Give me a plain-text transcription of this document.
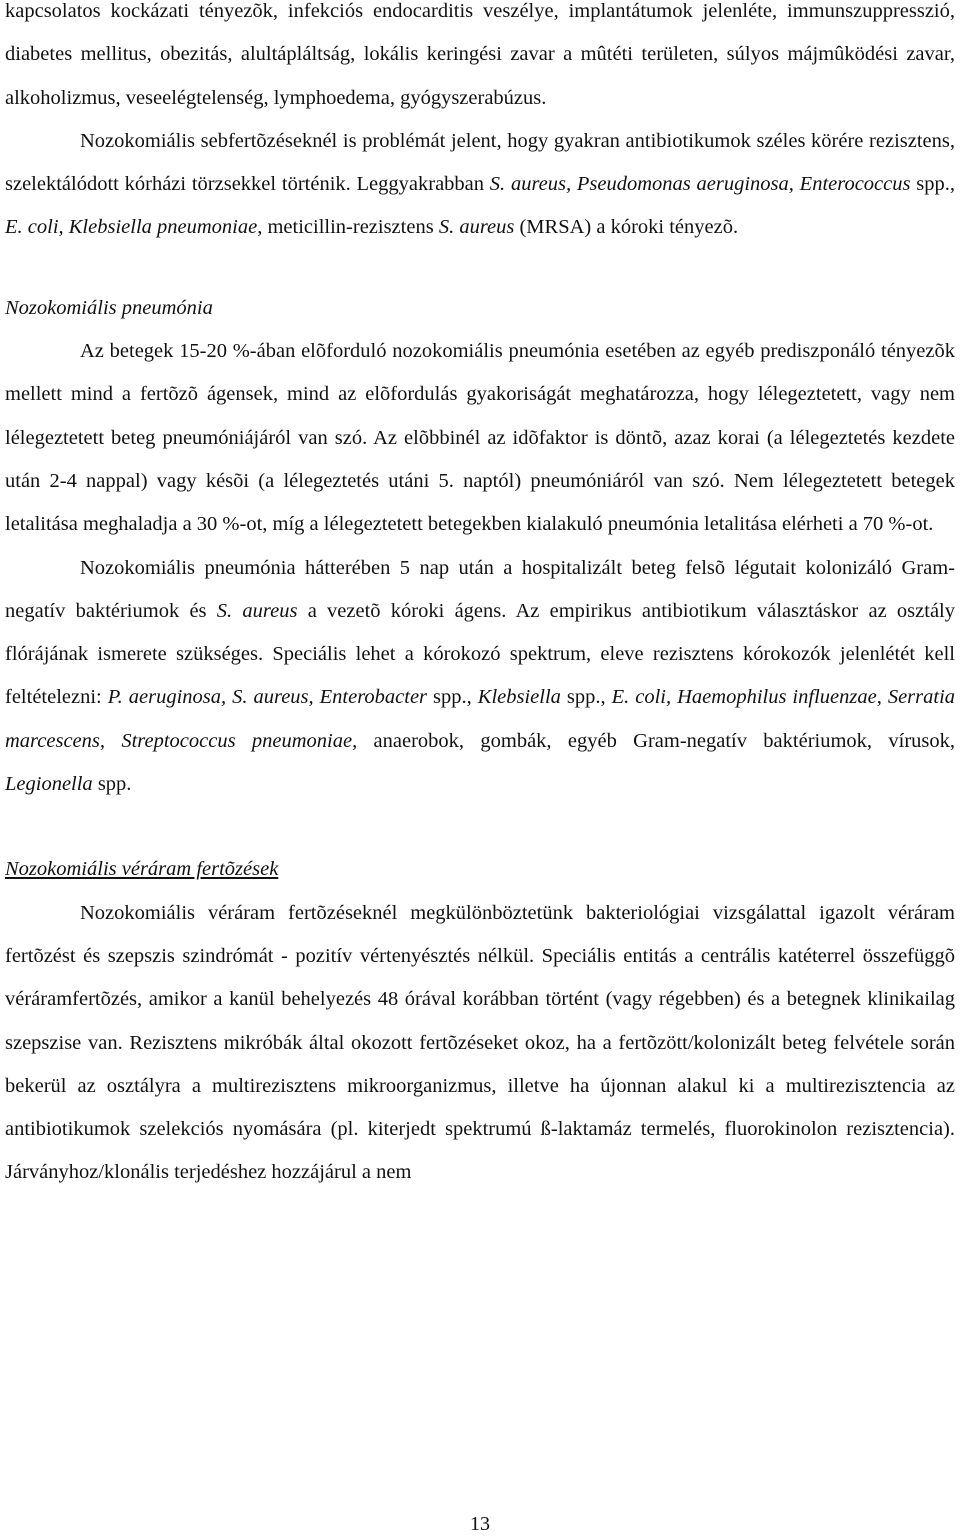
kapcsolatos kockázati tényezõk, infekciós endocarditis veszélye, implantátumok jelenléte, immunszuppresszió, diabetes mellitus, obezitás, alultápláltság, lokális keringési zavar a mûtéti területen, súlyos májmûködési zavar, alkoholizmus, veseelégtelenség, lymphoedema, gyógyszerabúzus.

Nozokomiális sebfertõzéseknél is problémát jelent, hogy gyakran antibiotikumok széles körére rezisztens, szelektálódott kórházi törzsekkel történik. Leggyakrabban S. aureus, Pseudomonas aeruginosa, Enterococcus spp., E. coli, Klebsiella pneumoniae, meticillin-rezisztens S. aureus (MRSA) a kóroki tényezõ.

Nozokomiális pneumónia

Az betegek 15-20 %-ában elõforduló nozokomiális pneumónia esetében az egyéb prediszponáló tényezõk mellett mind a fertõzõ ágensek, mind az elõfordulás gyakoriságát meghatározza, hogy lélegeztetett, vagy nem lélegeztetett beteg pneumóniájáról van szó. Az elõbbinél az idõfaktor is döntõ, azaz korai (a lélegeztetés kezdete után 2-4 nappal) vagy késõi (a lélegeztetés utáni 5. naptól) pneumóniáról van szó. Nem lélegeztetett betegek letalitása meghaladja a 30 %-ot, míg a lélegeztetett betegekben kialakuló pneumónia letalitása elérheti a 70 %-ot.

Nozokomiális pneumónia hátterében 5 nap után a hospitalizált beteg felsõ légutait kolonizáló Gram-negatív baktériumok és S. aureus a vezetõ kóroki ágens. Az empirikus antibiotikum választáskor az osztály flórájának ismerete szükséges. Speciális lehet a kórokozó spektrum, eleve rezisztens kórokozók jelenlétét kell feltételezni: P. aeruginosa, S. aureus, Enterobacter spp., Klebsiella spp., E. coli, Haemophilus influenzae, Serratia marcescens, Streptococcus pneumoniae, anaerobok, gombák, egyéb Gram-negatív baktériumok, vírusok, Legionella spp.

Nozokomiális véráram fertõzések

Nozokomiális véráram fertõzéseknél megkülönböztetünk bakteriológiai vizsgálattal igazolt véráram fertõzést és szepszis szindrómát - pozitív vértenyésztés nélkül. Speciális entitás a centrális katéterrel összefüggõ véráramfertõzés, amikor a kanül behelyezés 48 órával korábban történt (vagy régebben) és a betegnek klinikailag szepszise van. Rezisztens mikróbák által okozott fertõzéseket okoz, ha a fertõzött/kolonizált beteg felvétele során bekerül az osztályra a multirezisztens mikroorganizmus, illetve ha újonnan alakul ki a multirezisztencia az antibiotikumok szelekciós nyomására (pl. kiterjedt spektrumú ß-laktamáz termelés, fluorokinolon rezisztencia). Járványhoz/klonális terjedéshez hozzájárul a nem

13
